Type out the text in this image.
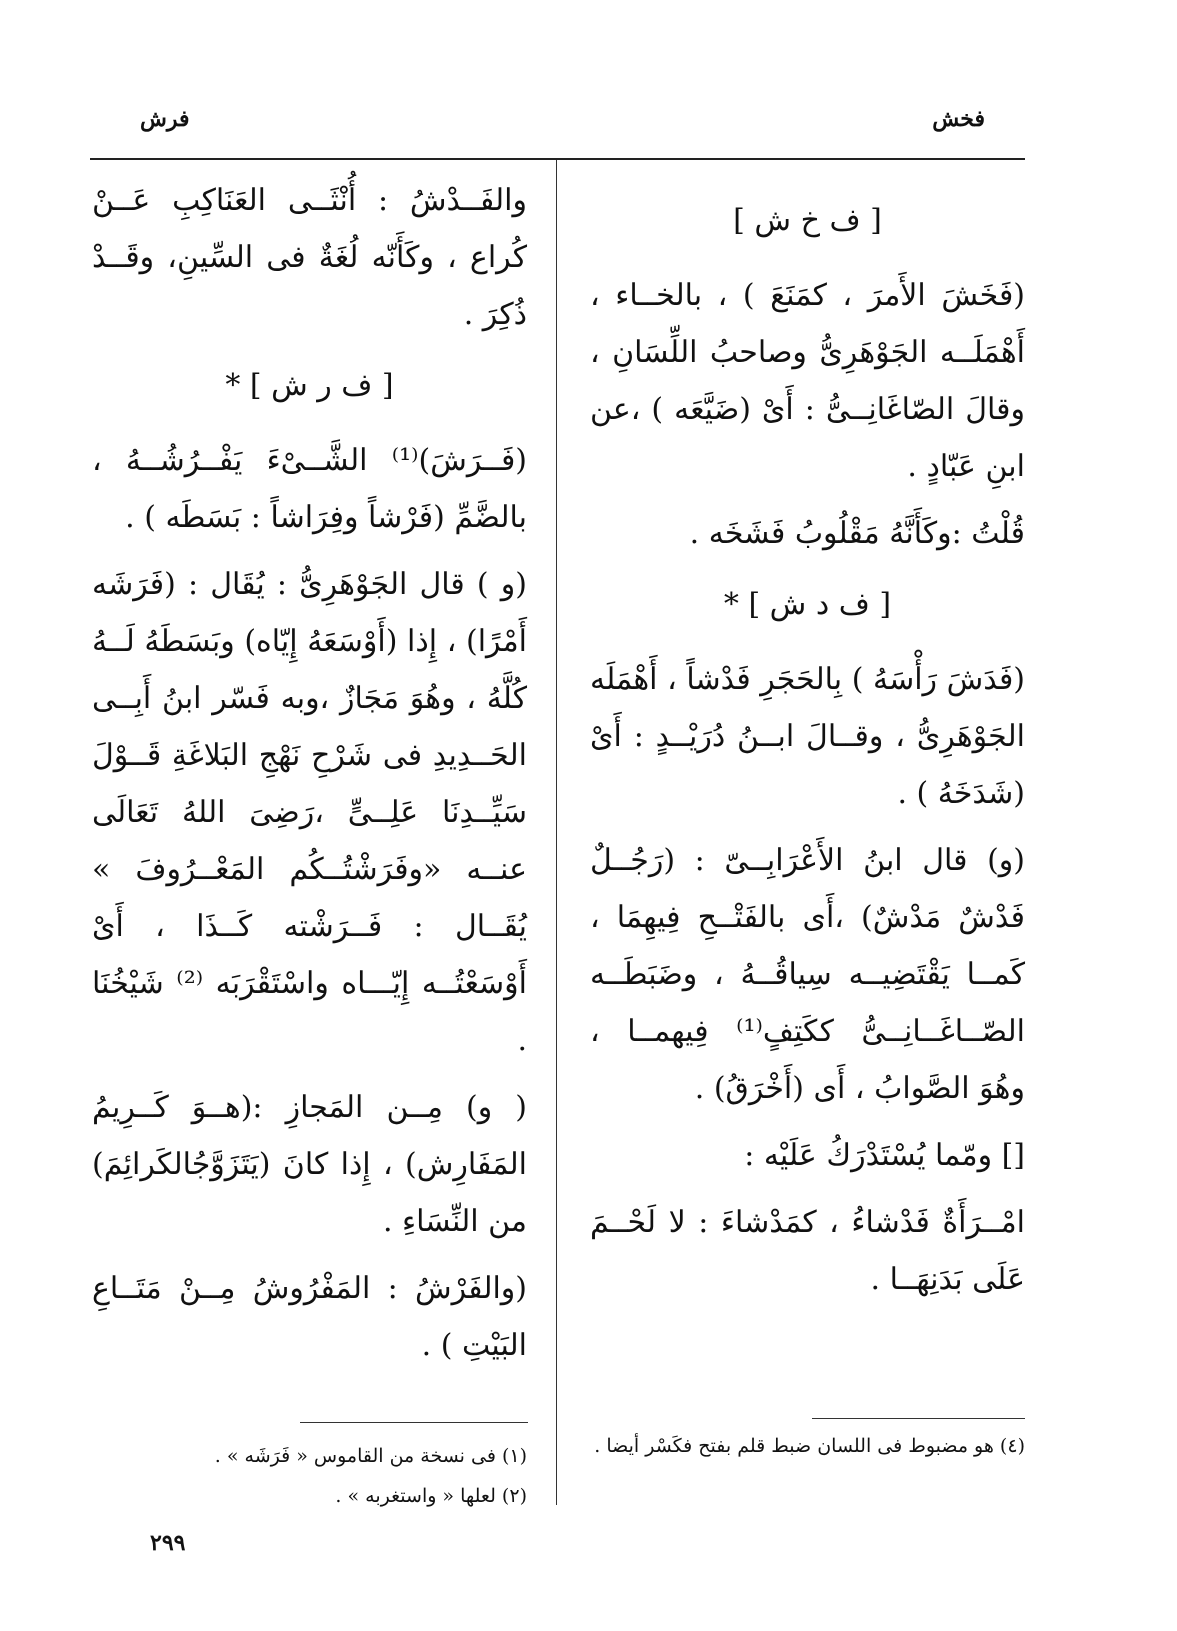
فخش
فرش

[ ف خ ش ]

(فَخَشَ الأَمرَ ، كمَنَعَ ) ، بالخــاء ، أَهْمَلَــه الجَوْهَرِىُّ وصاحبُ اللِّسَانِ ، وقالَ الصّاغَانِــىُّ : أَىْ (ضَيَّعَه ) ،عن ابنِ عَبّادٍ .

قُلْتُ :وكَأَنَّهُ مَقْلُوبُ فَشَخَه .

[ ف د ش ] *

(فَدَشَ رَأْسَهُ ) بِالحَجَرِ فَدْشاً ، أَهْمَلَه الجَوْهَرِىُّ ، وقــالَ ابــنُ دُرَيْــدٍ : أَىْ (شَدَخَهُ ) .

(و) قال ابنُ الأَعْرَابِــىّ : (رَجُــلٌ فَدْشٌ مَدْشٌ) ،أَى بالفَتْــحِ فِيهِمَا ، كَمــا يَقْتَضِيــه سِياقُــهُ ، وضَبَطَــه الصّــاغَــانِــىُّ ككَتِفٍ⁽¹⁾ فِيهمــا ، وهُوَ الصَّوابُ ، أَى (أَخْرَقُ) .

[] ومّما يُسْتَدْرَكُ عَلَيْه :

امْــرَأَةٌ فَدْشاءُ ، كمَدْشاءَ : لا لَحْــمَ عَلَى بَدَنِهَــا .

والفَــدْشُ : أُنْثَــى العَنَاكِبِ عَــنْ كُراع ، وكَأَنّه لُغَةٌ فى السِّينِ، وقَــدْ ذُكِرَ .

[ ف ر ش ] *

(فَــرَشَ)⁽¹⁾ الشَّــىْءَ يَفْــرُشُــهُ ، بالضَّمِّ (فَرْشاً وفِرَاشاً : بَسَطَه ) .

(و ) قال الجَوْهَرِىُّ : يُقَال : (فَرَشَه أَمْرًا) ، إِذا (أَوْسَعَهُ إِيّاه) وبَسَطَهُ لَــهُ كُلَّهُ ، وهُوَ مَجَازٌ ،وبه فَسّر ابنُ أَبِــى الحَــدِيدِ فى شَرْحِ نَهْجِ البَلاغَةِ قَــوْلَ سَيِّــدِنَا عَلِــىٍّ ،رَضِىَ اللهُ تَعَالَى عنــه «وفَرَشْتُــكُم المَعْــرُوفَ » يُقَــال : فَــرَشْته كَــذَا ، أَىْ أَوْسَعْتُــه إِيّـــاه واسْتَقْرَبَه ⁽²⁾ شَيْخُنَا .

( و) مِــن المَجازِ :(هــوَ كَــرِيمُ المَفَارِش) ، إِذا كانَ (يَتَزَوَّجُالكَرائِمَ) من النِّسَاءِ .

(والفَرْشُ : المَفْرُوشُ مِــنْ مَتَــاعِ البَيْتِ ) .

(٤) هو مضبوط فى اللسان ضبط قلم بفتح فكَسْر أيضا .

(١) فى نسخة من القاموس « فَرَشَه » .

(٢) لعلها « واستغربه » .

٢٩٩
